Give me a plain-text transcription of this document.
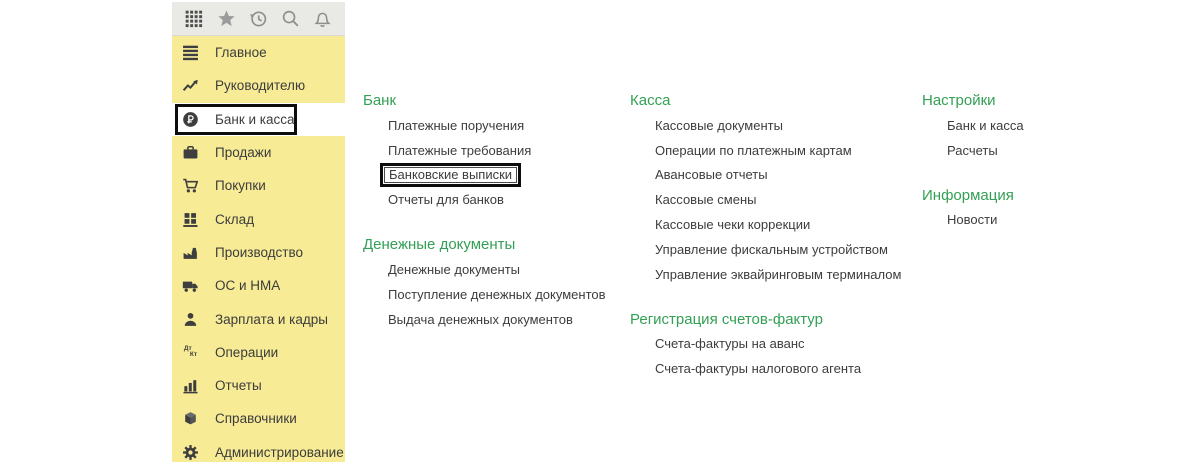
Главное
Руководителю
Банк и касса
Продажи
Покупки
Склад
Производство
ОС и НМА
Зарплата и кадры
Дт
Кт Операции
Отчеты
Справочники
Администрирование
Банк
Платежные поручения
Платежные требования
Банковские выписки
Отчеты для банков
Денежные документы
Денежные документы
Поступление денежных документов
Выдача денежных документов
Касса
Кассовые документы
Операции по платежным картам
Авансовые отчеты
Кассовые смены
Кассовые чеки коррекции
Управление фискальным устройством
Управление эквайринговым терминалом
Регистрация счетов-фактур
Счета-фактуры на аванс
Счета-фактуры налогового агента
Настройки
Банк и касса
Расчеты
Информация
Новости
